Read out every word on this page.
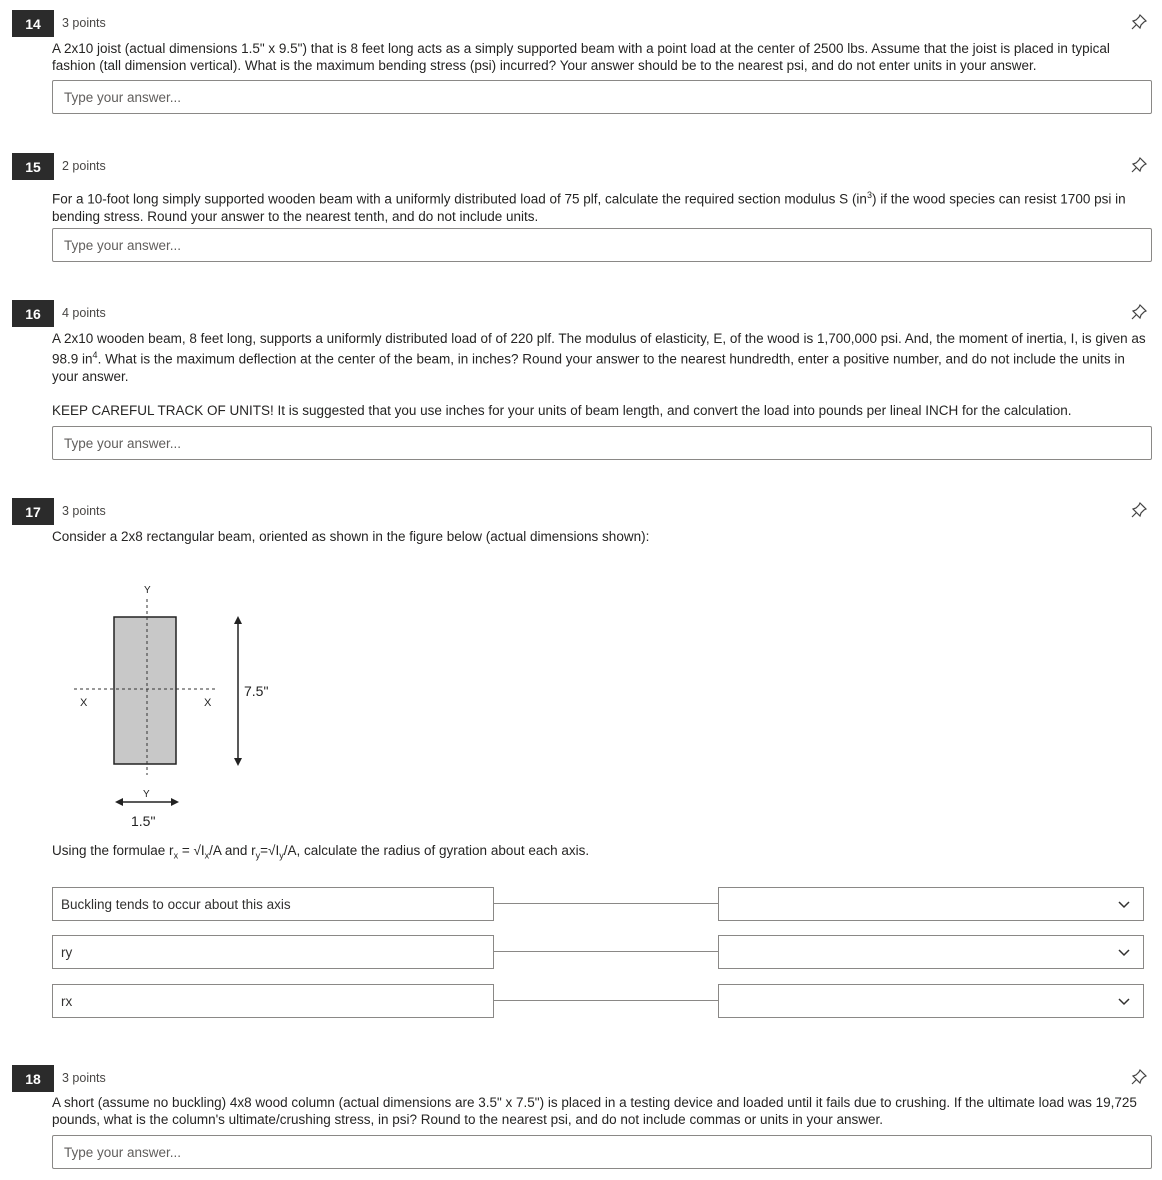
14	3 points
A 2x10 joist (actual dimensions 1.5" x 9.5") that is 8 feet long acts as a simply supported beam with a point load at the center of 2500 lbs. Assume that the joist is placed in typical fashion (tall dimension vertical). What is the maximum bending stress (psi) incurred? Your answer should be to the nearest psi, and do not enter units in your answer.
Type your answer...
15	2 points
For a 10-foot long simply supported wooden beam with a uniformly distributed load of 75 plf, calculate the required section modulus S $(in^3)$ if the wood species can resist 1700 psi in bending stress. Round your answer to the nearest tenth, and do not include units.
Type your answer...
16	4 points
A 2x10 wooden beam, 8 feet long, supports a uniformly distributed load of of 220 plf. The modulus of elasticity, E, of the wood is 1,700,000 psi. And, the moment of inertia, I, is given as 98.9 $in^4$. What is the maximum deflection at the center of the beam, in inches? Round your answer to the nearest hundredth, enter a positive number, and do not include the units in your answer.
KEEP CAREFUL TRACK OF UNITS! It is suggested that you use inches for your units of beam length, and convert the load into pounds per lineal INCH for the calculation.
Type your answer...
17	3 points
Consider a 2x8 rectangular beam, oriented as shown in the figure below (actual dimensions shown):
Y
Y
X	X
7.5"
1.5"
Using the formulae $r_x = √I_x/A$ and $r_y=√I_y/A$, calculate the radius of gyration about each axis.
Buckling tends to occur about this axis
ry
rx
18	3 points
A short (assume no buckling) 4x8 wood column (actual dimensions are 3.5" x 7.5") is placed in a testing device and loaded until it fails due to crushing. If the ultimate load was 19,725 pounds, what is the column's ultimate/crushing stress, in psi? Round to the nearest psi, and do not include commas or units in your answer.
Type your answer...
